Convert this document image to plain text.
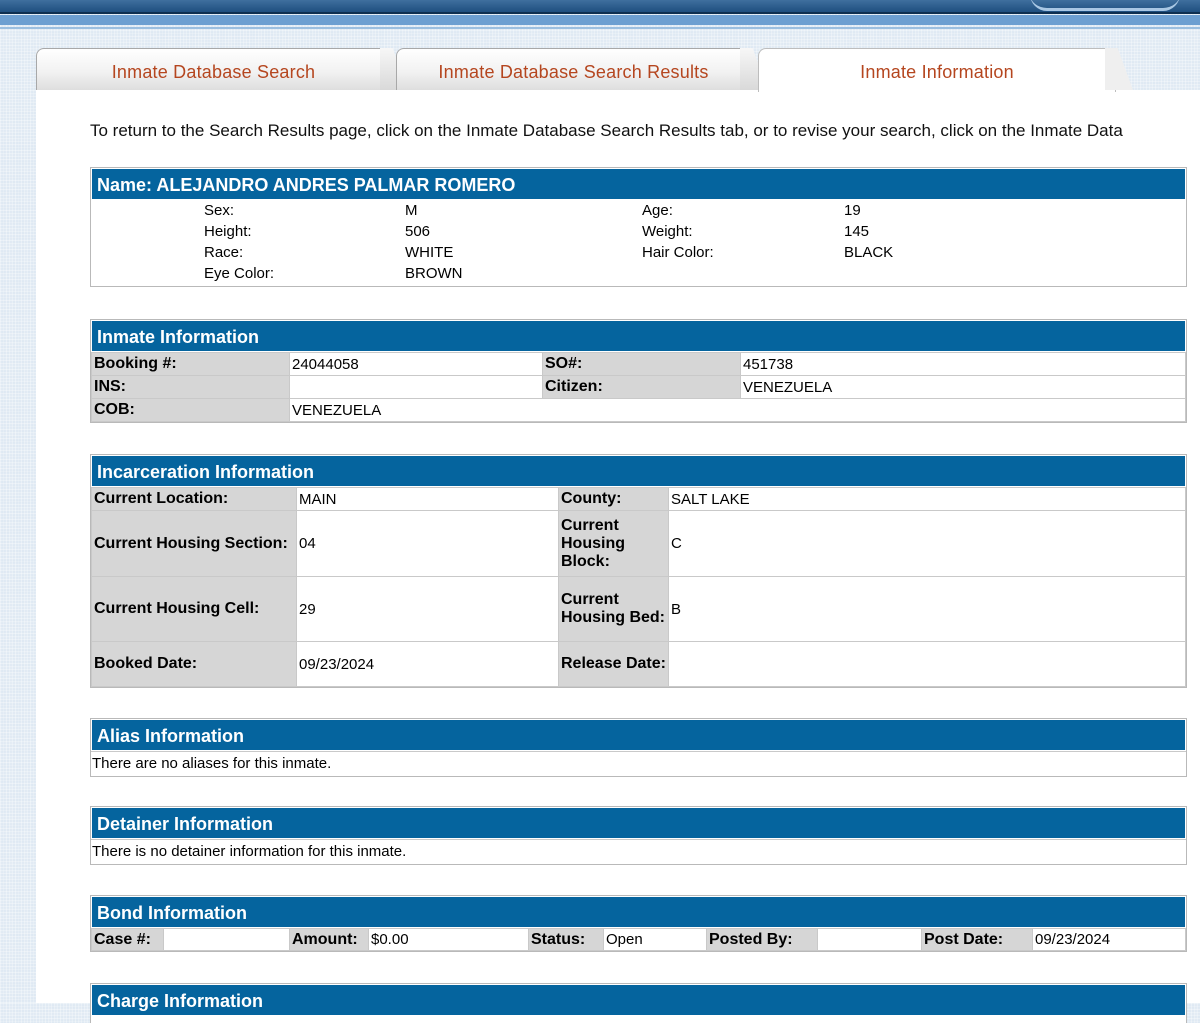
Inmate Database Search	Inmate Database Search Results	Inmate Information
To return to the Search Results page, click on the Inmate Database Search Results tab, or to revise your search, click on the Inmate Data
Name: ALEJANDRO ANDRES PALMAR ROMERO
Sex:	M	Age:	19
Height:	506	Weight:	145
Race:	WHITE	Hair Color:	BLACK
Eye Color:	BROWN
Inmate Information
Booking #:	24044058	SO#:	451738
INS:		Citizen:	VENEZUELA
COB:	VENEZUELA		
Incarceration Information
Current Location:	MAIN	County:	SALT LAKE
Current Housing Section:	04	Current Housing Block:	C
Current Housing Cell:	29	Current Housing Bed:	B
Booked Date:	09/23/2024	Release Date:	
Alias Information
There are no aliases for this inmate.
Detainer Information
There is no detainer information for this inmate.
Bond Information
Case #:		Amount:	$0.00	Status:	Open	Posted By:		Post Date:	09/23/2024
Charge Information
